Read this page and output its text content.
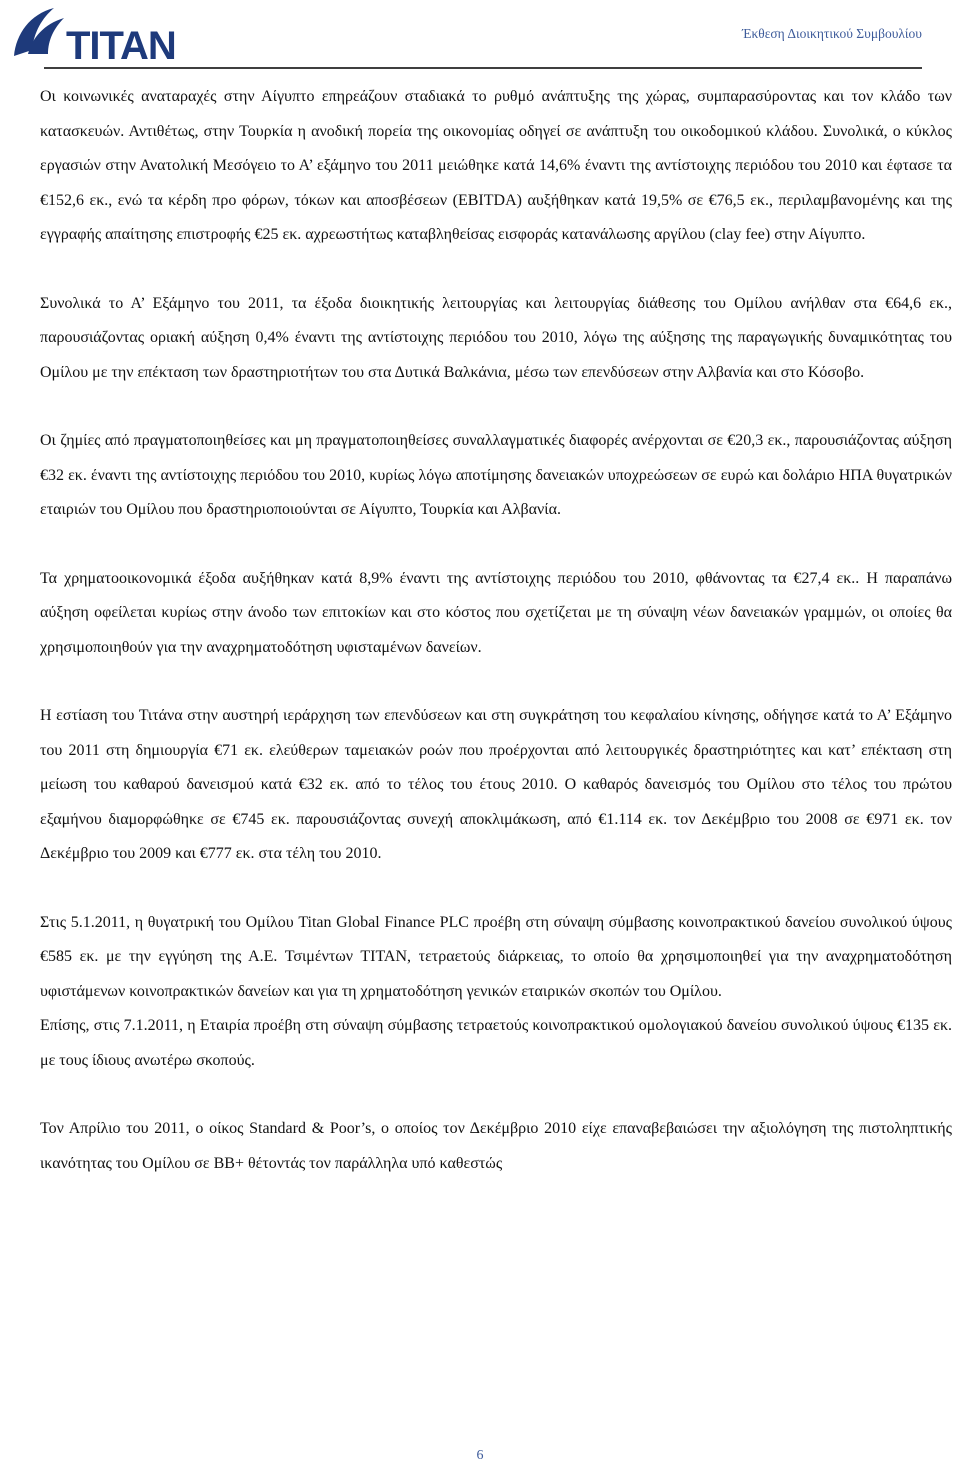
TITAN	Έκθεση Διοικητικού Συμβουλίου

Οι κοινωνικές αναταραχές στην Αίγυπτο επηρεάζουν σταδιακά το ρυθμό ανάπτυξης της χώρας, συμπαρασύροντας και τον κλάδο των κατασκευών. Αντιθέτως, στην Τουρκία η ανοδική πορεία της οικονομίας οδηγεί σε ανάπτυξη του οικοδομικού κλάδου. Συνολικά, ο κύκλος εργασιών στην Ανατολική Μεσόγειο το Α’ εξάμηνο του 2011 μειώθηκε κατά 14,6% έναντι της αντίστοιχης περιόδου του 2010 και έφτασε τα €152,6 εκ., ενώ τα κέρδη προ φόρων, τόκων και αποσβέσεων (EBITDA) αυξήθηκαν κατά 19,5% σε €76,5 εκ., περιλαμβανομένης και της εγγραφής απαίτησης επιστροφής €25 εκ. αχρεωστήτως καταβληθείσας εισφοράς κατανάλωσης αργίλου (clay fee) στην Αίγυπτο.

Συνολικά το Α’ Εξάμηνο του 2011, τα έξοδα διοικητικής λειτουργίας και λειτουργίας διάθεσης του Ομίλου ανήλθαν στα €64,6 εκ., παρουσιάζοντας οριακή αύξηση 0,4% έναντι της αντίστοιχης περιόδου του 2010, λόγω της αύξησης της παραγωγικής δυναμικότητας του Ομίλου με την επέκταση των δραστηριοτήτων του στα Δυτικά Βαλκάνια, μέσω των επενδύσεων στην Αλβανία και στο Κόσοβο.

Οι ζημίες από πραγματοποιηθείσες και μη πραγματοποιηθείσες συναλλαγματικές διαφορές ανέρχονται σε €20,3 εκ., παρουσιάζοντας αύξηση €32 εκ. έναντι της αντίστοιχης περιόδου του 2010, κυρίως λόγω αποτίμησης δανειακών υποχρεώσεων σε ευρώ και δολάριο ΗΠΑ θυγατρικών εταιριών του Ομίλου που δραστηριοποιούνται σε Αίγυπτο, Τουρκία και Αλβανία.

Τα χρηματοοικονομικά έξοδα αυξήθηκαν κατά 8,9% έναντι της αντίστοιχης περιόδου του 2010, φθάνοντας τα €27,4 εκ.. Η παραπάνω αύξηση οφείλεται κυρίως στην άνοδο των επιτοκίων και στο κόστος που σχετίζεται με τη σύναψη νέων δανειακών γραμμών, οι οποίες θα χρησιμοποιηθούν για την αναχρηματοδότηση υφισταμένων δανείων.

Η εστίαση του Τιτάνα στην αυστηρή ιεράρχηση των επενδύσεων και στη συγκράτηση του κεφαλαίου κίνησης, οδήγησε κατά το Α’ Εξάμηνο του 2011 στη δημιουργία €71 εκ. ελεύθερων ταμειακών ροών που προέρχονται από λειτουργικές δραστηριότητες και κατ’ επέκταση στη μείωση του καθαρού δανεισμού κατά €32 εκ. από το τέλος του έτους 2010. Ο καθαρός δανεισμός του Ομίλου στο τέλος του πρώτου εξαμήνου διαμορφώθηκε σε €745 εκ. παρουσιάζοντας συνεχή αποκλιμάκωση, από €1.114 εκ. τον Δεκέμβριο του 2008 σε €971 εκ. τον Δεκέμβριο του 2009 και €777 εκ. στα τέλη του 2010.

Στις 5.1.2011, η θυγατρική του Ομίλου Titan Global Finance PLC προέβη στη σύναψη σύμβασης κοινοπρακτικού δανείου συνολικού ύψους €585 εκ. με την εγγύηση της Α.Ε. Τσιμέντων ΤΙΤΑΝ, τετραετούς διάρκειας, το οποίο θα χρησιμοποιηθεί για την αναχρηματοδότηση υφιστάμενων κοινοπρακτικών δανείων και για τη χρηματοδότηση γενικών εταιρικών σκοπών του Ομίλου.

Επίσης, στις 7.1.2011, η Εταιρία προέβη στη σύναψη σύμβασης τετραετούς κοινοπρακτικού ομολογιακού δανείου συνολικού ύψους €135 εκ. με τους ίδιους ανωτέρω σκοπούς.

Τον Απρίλιο του 2011, ο οίκος Standard & Poor’s, ο οποίος τον Δεκέμβριο 2010 είχε επαναβεβαιώσει την αξιολόγηση της πιστοληπτικής ικανότητας του Ομίλου σε BB+ θέτοντάς τον παράλληλα υπό καθεστώς

6
